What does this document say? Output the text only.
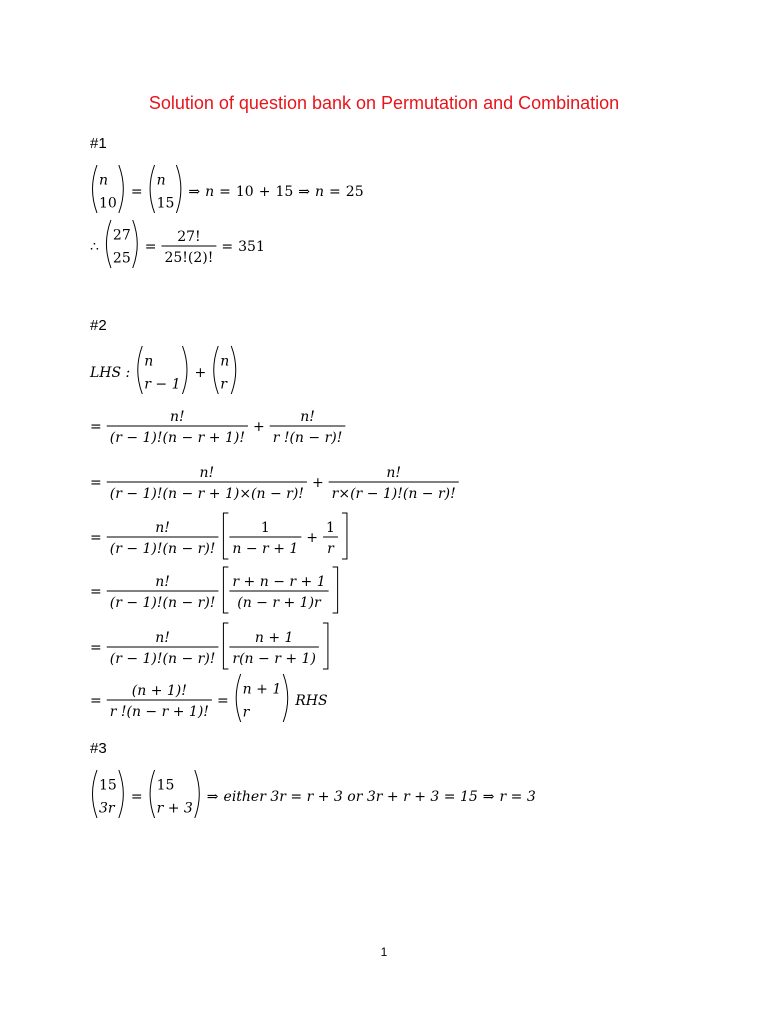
Solution of question bank on Permutation and Combination
#1
#2
#3
n
10
=
n
15
⇒ n = 10 + 15 ⇒ n = 25
∴
27
25
=
27!
25!(2)!
= 351
LHS :
n
r − 1
+
n
r
=
n!
(r − 1)!(n − r + 1)!
+
n!
r !(n − r)!
=
n!
(r − 1)!(n − r + 1)×(n − r)!
+
n!
r×(r − 1)!(n − r)!
=
n!
(r − 1)!(n − r)!
1
n − r + 1
+
1
r
=
n!
(r − 1)!(n − r)!
r + n − r + 1
(n − r + 1)r
=
n!
(r − 1)!(n − r)!
n + 1
r(n − r + 1)
=
(n + 1)!
r !(n − r + 1)!
=
n + 1
r
RHS
15
3r
=
15
r + 3
⇒ either 3r = r + 3 or 3r + r + 3 = 15 ⇒ r = 3
1
